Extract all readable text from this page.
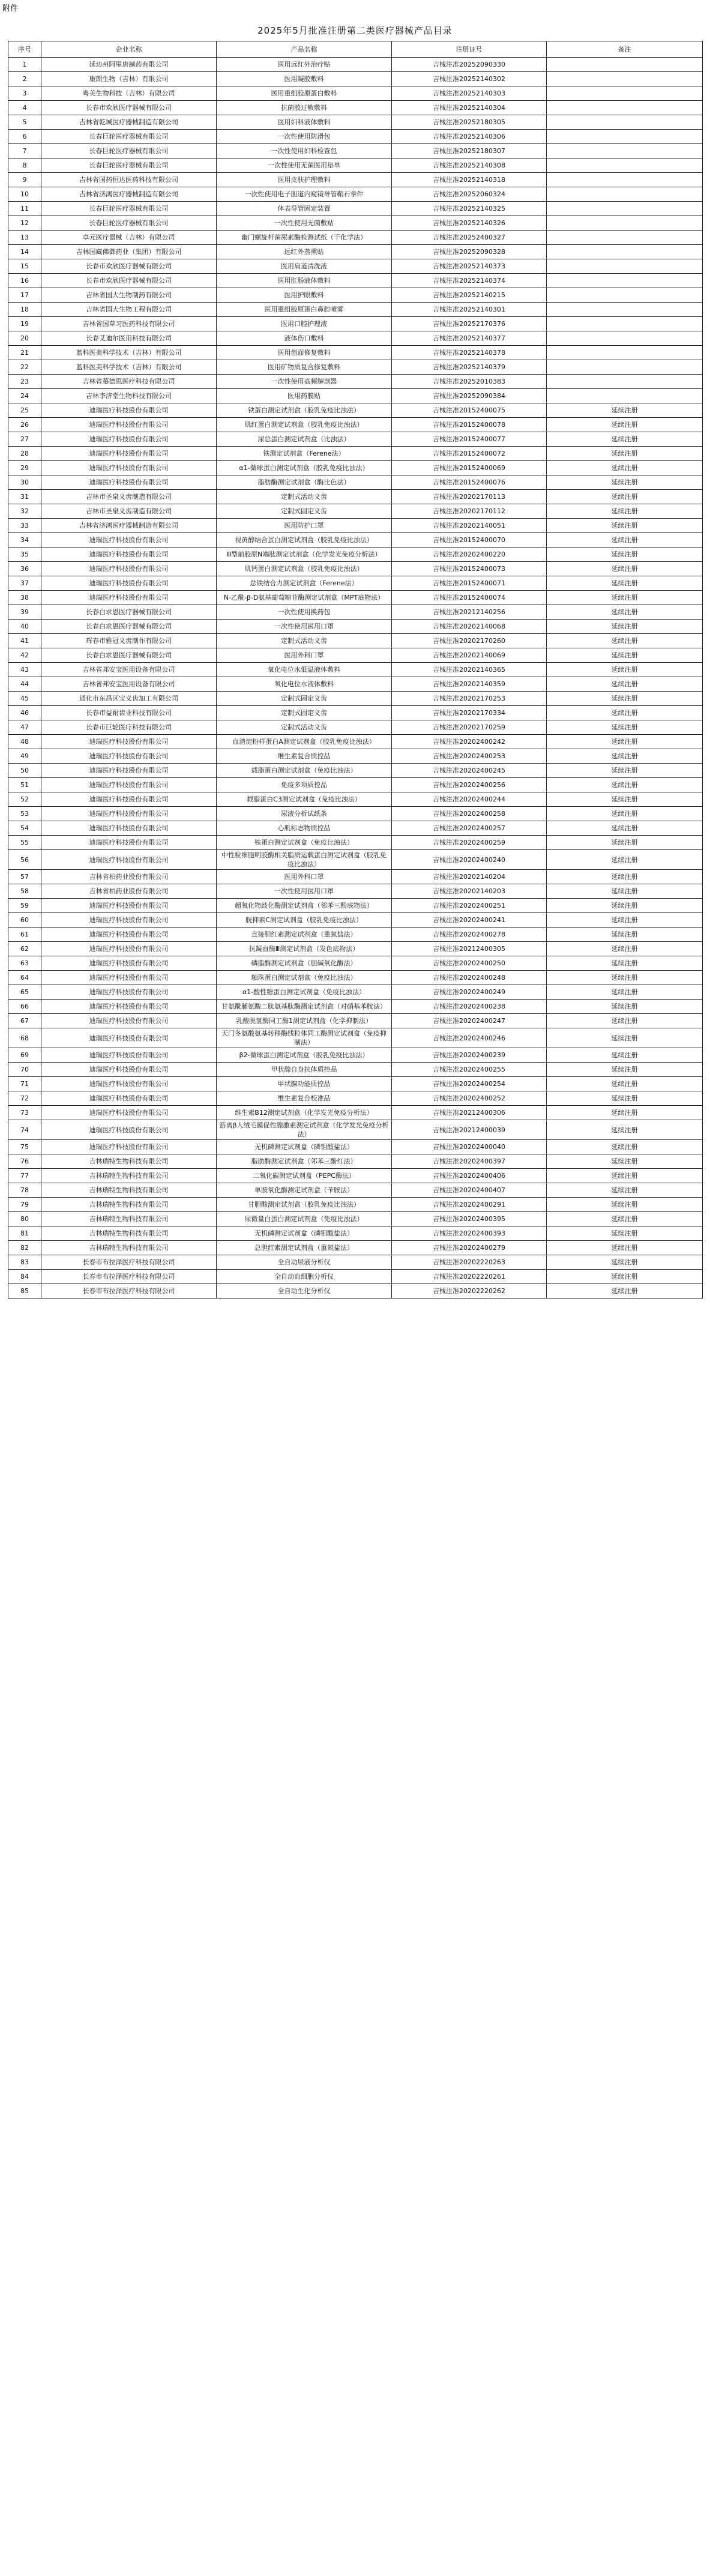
附件
2025年5月批准注册第二类医疗器械产品目录
序号	企业名称	产品名称	注册证号	备注
1	延边州阿里唐制药有限公司	医用远红外治疗贴	吉械注准20252090330	
2	康朗生物（吉林）有限公司	医用凝胶敷料	吉械注准20252140302	
3	粤美生物科技（吉林）有限公司	医用重组胶原蛋白敷料	吉械注准20252140303	
4	长春市欢欣医疗器械有限公司	抗菌胶过敏敷料	吉械注准20252140304	
5	吉林省乾城医疗器械制造有限公司	医用妇科液体敷料	吉械注准20252180305	
6	长春巨轮医疗器械有限公司	一次性使用防滑包	吉械注准20252140306	
7	长春巨轮医疗器械有限公司	一次性使用妇科检查包	吉械注准20252180307	
8	长春巨轮医疗器械有限公司	一次性使用无菌医用垫单	吉械注准20252140308	
9	吉林省国药恒达医药科技有限公司	医用皮肤护理敷料	吉械注准20252140318	
10	吉林省济鸿医疗器械制造有限公司	一次性使用电子胆道内窥镜导管鞘石拿件	吉械注准20252060324	
11	长春巨轮医疗器械有限公司	体表导管固定装置	吉械注准20252140325	
12	长春巨轮医疗器械有限公司	一次性使用无菌敷贴	吉械注准20252140326	
13	卓元医疗器械（吉林）有限公司	幽门螺旋杆菌尿素酶检测试纸（干化学法）	吉械注准20252400327	
14	吉林国藏佛御药业（集团）有限公司	远红外蒸熏贴	吉械注准20252090328	
15	长春市欢欣医疗器械有限公司	医用肩道清洗液	吉械注准20252140373	
16	长春市欢欣医疗器械有限公司	医用肛肠液体敷料	吉械注准20252140374	
17	吉林省国大生物制药有限公司	医用护眼敷料	吉械注准20252140215	
18	吉林省国大生物工程有限公司	医用重组胶原蛋白鼻腔喷雾	吉械注准20252140301	
19	吉林省国草习医药科技有限公司	医用口腔护理液	吉械注准20252170376	
20	长春艾迪尔医用科技有限公司	液体伤口敷料	吉械注准20252140377	
21	蓝科医美科学技术（吉林）有限公司	医用创面修复敷料	吉械注准20252140378	
22	蓝科医美科学技术（吉林）有限公司	医用矿物质复合修复敷料	吉械注准20252140379	
23	吉林省慕德思医疗科技有限公司	一次性使用高频解剖器	吉械注准20252010383	
24	吉林李济堂生物科技有限公司	医用药膜贴	吉械注准20252090384	
25	迪瑞医疗科技股份有限公司	铁蛋白测定试剂盒（胶乳免疫比浊法）	吉械注准20152400075	延续注册
26	迪瑞医疗科技股份有限公司	肌红蛋白测定试剂盒（胶乳免疫比浊法）	吉械注准20152400078	延续注册
27	迪瑞医疗科技股份有限公司	尿总蛋白测定试剂盒（比浊法）	吉械注准20152400077	延续注册
28	迪瑞医疗科技股份有限公司	铁测定试剂盒（Ferene法）	吉械注准20152400072	延续注册
29	迪瑞医疗科技股份有限公司	α1-微球蛋白测定试剂盒（胶乳免疫比浊法）	吉械注准20152400069	延续注册
30	迪瑞医疗科技股份有限公司	脂肪酶测定试剂盒（酶比色法）	吉械注准20152400076	延续注册
31	吉林市圣泉义齿制造有限公司	定制式活动义齿	吉械注准20202170113	延续注册
32	吉林市圣泉义齿制造有限公司	定制式固定义齿	吉械注准20202170112	延续注册
33	吉林省济鸿医疗器械制造有限公司	医用防护口罩	吉械注准20202140051	延续注册
34	迪瑞医疗科技股份有限公司	视黄醇结合蛋白测定试剂盒（胶乳免疫比浊法）	吉械注准20152400070	延续注册
35	迪瑞医疗科技股份有限公司	Ⅲ型前胶原N端肽测定试剂盒（化学发光免疫分析法）	吉械注准20202400220	延续注册
36	迪瑞医疗科技股份有限公司	肌钙蛋白测定试剂盒（胶乳免疫比浊法）	吉械注准20152400073	延续注册
37	迪瑞医疗科技股份有限公司	总铁结合力测定试剂盒（Ferene法）	吉械注准20152400071	延续注册
38	迪瑞医疗科技股份有限公司	N-乙酰-β-D氨基葡萄糖苷酶测定试剂盒（MPT底物法）	吉械注准20152400074	延续注册
39	长春白求恩医疗器械有限公司	一次性使用换药包	吉械注准20212140256	延续注册
40	长春白求恩医疗器械有限公司	一次性使用医用口罩	吉械注准20202140068	延续注册
41	珲春市雅冠义齿制作有限公司	定制式活动义齿	吉械注准20202170260	延续注册
42	长春白求恩医疗器械有限公司	医用外科口罩	吉械注准20202140069	延续注册
43	吉林省邦安宝医用设备有限公司	氧化电位水低温液体敷料	吉械注准20202140365	延续注册
44	吉林省邦安宝医用设备有限公司	氧化电位水液体敷料	吉械注准20202140359	延续注册
45	通化市东昌区宝义齿加工有限公司	定制式固定义齿	吉械注准20202170253	延续注册
46	长春市益耐齿业科技有限公司	定制式固定义齿	吉械注准20202170334	延续注册
47	长春市巨轮医疗科技有限公司	定制式活动义齿	吉械注准20202170259	延续注册
48	迪瑞医疗科技股份有限公司	血清淀粉样蛋白A测定试剂盒（胶乳免疫比浊法）	吉械注准20202400242	延续注册
49	迪瑞医疗科技股份有限公司	维生素复合质控品	吉械注准20202400253	延续注册
50	迪瑞医疗科技股份有限公司	载脂蛋白测定试剂盒（免疫比浊法）	吉械注准20202400245	延续注册
51	迪瑞医疗科技股份有限公司	免疫多项质控品	吉械注准20202400256	延续注册
52	迪瑞医疗科技股份有限公司	载脂蛋白C3测定试剂盒（免疫比浊法）	吉械注准20202400244	延续注册
53	迪瑞医疗科技股份有限公司	尿液分析试纸条	吉械注准20202400258	延续注册
54	迪瑞医疗科技股份有限公司	心肌标志物质控品	吉械注准20202400257	延续注册
55	迪瑞医疗科技股份有限公司	铁蛋白测定试剂盒（免疫比浊法）	吉械注准20202400259	延续注册
56	迪瑞医疗科技股份有限公司	中性粒细胞明胶酶相关脂质运载蛋白测定试剂盒（胶乳免疫比浊法）	吉械注准20202400240	延续注册
57	吉林省柏药业股份有限公司	医用外科口罩	吉械注准20202140204	延续注册
58	吉林省柏药业股份有限公司	一次性使用医用口罩	吉械注准20202140203	延续注册
59	迪瑞医疗科技股份有限公司	超氧化物歧化酶测定试剂盒（邻苯三酚底物法）	吉械注准20202400251	延续注册
60	迪瑞医疗科技股份有限公司	胱抑素C测定试剂盒（胶乳免疫比浊法）	吉械注准20202400241	延续注册
61	迪瑞医疗科技股份有限公司	直接胆红素测定试剂盒（重氮盐法）	吉械注准20202400278	延续注册
62	迪瑞医疗科技股份有限公司	抗凝血酶Ⅲ测定试剂盒（发色底物法）	吉械注准20212400305	延续注册
63	迪瑞医疗科技股份有限公司	磷脂酶测定试剂盒（胆碱氧化酶法）	吉械注准20202400250	延续注册
64	迪瑞医疗科技股份有限公司	触珠蛋白测定试剂盒（免疫比浊法）	吉械注准20202400248	延续注册
65	迪瑞医疗科技股份有限公司	α1-酸性糖蛋白测定试剂盒（免疫比浊法）	吉械注准20202400249	延续注册
66	迪瑞医疗科技股份有限公司	甘氨酰脯氨酸二肽氨基肽酶测定试剂盒（对硝基苯胺法）	吉械注准20202400238	延续注册
67	迪瑞医疗科技股份有限公司	乳酸脱氢酶同工酶1测定试剂盒（化学抑制法）	吉械注准20202400247	延续注册
68	迪瑞医疗科技股份有限公司	天门冬氨酸氨基转移酶线粒体同工酶测定试剂盒（免疫抑制法）	吉械注准20202400246	延续注册
69	迪瑞医疗科技股份有限公司	β2-微球蛋白测定试剂盒（胶乳免疫比浊法）	吉械注准20202400239	延续注册
70	迪瑞医疗科技股份有限公司	甲状腺自身抗体质控品	吉械注准20202400255	延续注册
71	迪瑞医疗科技股份有限公司	甲状腺功能质控品	吉械注准20202400254	延续注册
72	迪瑞医疗科技股份有限公司	维生素复合校准品	吉械注准20202400252	延续注册
73	迪瑞医疗科技股份有限公司	维生素B12测定试剂盒（化学发光免疫分析法）	吉械注准20212400306	延续注册
74	迪瑞医疗科技股份有限公司	游离β人绒毛膜促性腺激素测定试剂盒（化学发光免疫分析法）	吉械注准20212400039	延续注册
75	迪瑞医疗科技股份有限公司	无机磷测定试剂盒（磷钼酸盐法）	吉械注准20202400040	延续注册
76	吉林瑞特生物科技有限公司	脂肪酶测定试剂盒（邻苯三酚红法）	吉械注准20202400397	延续注册
77	吉林瑞特生物科技有限公司	二氧化碳测定试剂盒（PEPC酶法）	吉械注准20202400406	延续注册
78	吉林瑞特生物科技有限公司	单胺氧化酶测定试剂盒（苄胺法）	吉械注准20202400407	延续注册
79	吉林瑞特生物科技有限公司	甘胆酸测定试剂盒（胶乳免疫比浊法）	吉械注准20202400291	延续注册
80	吉林瑞特生物科技有限公司	尿微量白蛋白测定试剂盒（免疫比浊法）	吉械注准20202400395	延续注册
81	吉林瑞特生物科技有限公司	无机磷测定试剂盒（磷钼酸盐法）	吉械注准20202400393	延续注册
82	吉林瑞特生物科技有限公司	总胆红素测定试剂盒（重氮盐法）	吉械注准20202400279	延续注册
83	长春市布拉泽医疗科技有限公司	全自动尿液分析仪	吉械注准20202220263	延续注册
84	长春市布拉泽医疗科技有限公司	全自动血细胞分析仪	吉械注准20202220261	延续注册
85	长春市布拉泽医疗科技有限公司	全自动生化分析仪	吉械注准20202220262	延续注册
